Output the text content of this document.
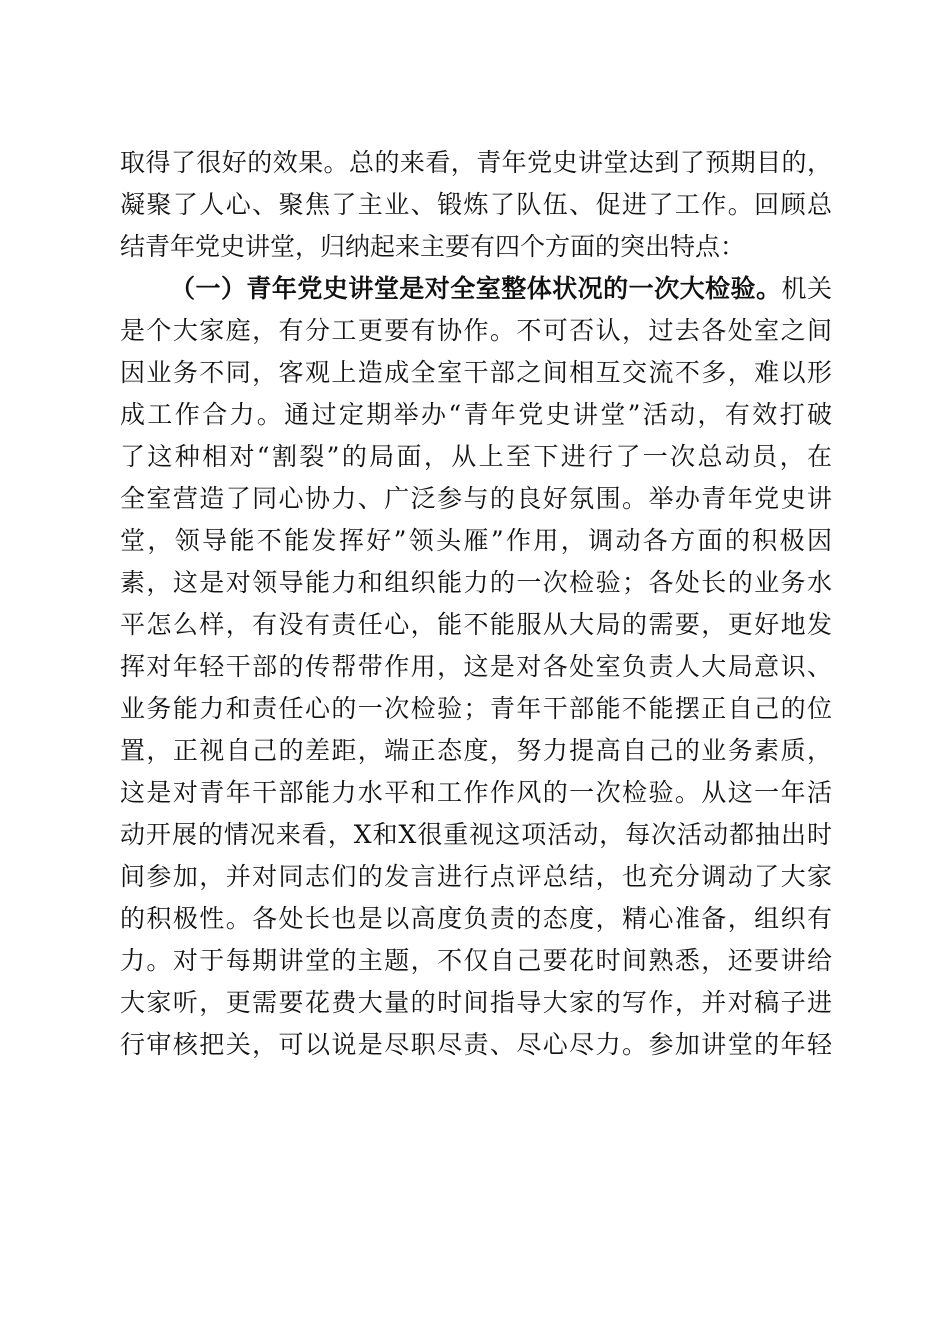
取得了很好的效果。总的来看，青年党史讲堂达到了预期目的，
凝聚了人心、聚焦了主业、锻炼了队伍、促进了工作。回顾总
结青年党史讲堂，归纳起来主要有四个方面的突出特点：
（一）青年党史讲堂是对全室整体状况的一次大检验。机关
是个大家庭，有分工更要有协作。不可否认，过去各处室之间
因业务不同，客观上造成全室干部之间相互交流不多，难以形
成工作合力。通过定期举办“青年党史讲堂”活动，有效打破
了这种相对“割裂”的局面，从上至下进行了一次总动员，在
全室营造了同心协力、广泛参与的良好氛围。举办青年党史讲
堂，领导能不能发挥好”领头雁”作用，调动各方面的积极因
素，这是对领导能力和组织能力的一次检验；各处长的业务水
平怎么样，有没有责任心，能不能服从大局的需要，更好地发
挥对年轻干部的传帮带作用，这是对各处室负责人大局意识、
业务能力和责任心的一次检验；青年干部能不能摆正自己的位
置，正视自己的差距，端正态度，努力提高自己的业务素质，
这是对青年干部能力水平和工作作风的一次检验。从这一年活
动开展的情况来看，X和X很重视这项活动，每次活动都抽出时
间参加，并对同志们的发言进行点评总结，也充分调动了大家
的积极性。各处长也是以高度负责的态度，精心准备，组织有
力。对于每期讲堂的主题，不仅自己要花时间熟悉，还要讲给
大家听，更需要花费大量的时间指导大家的写作，并对稿子进
行审核把关，可以说是尽职尽责、尽心尽力。参加讲堂的年轻
